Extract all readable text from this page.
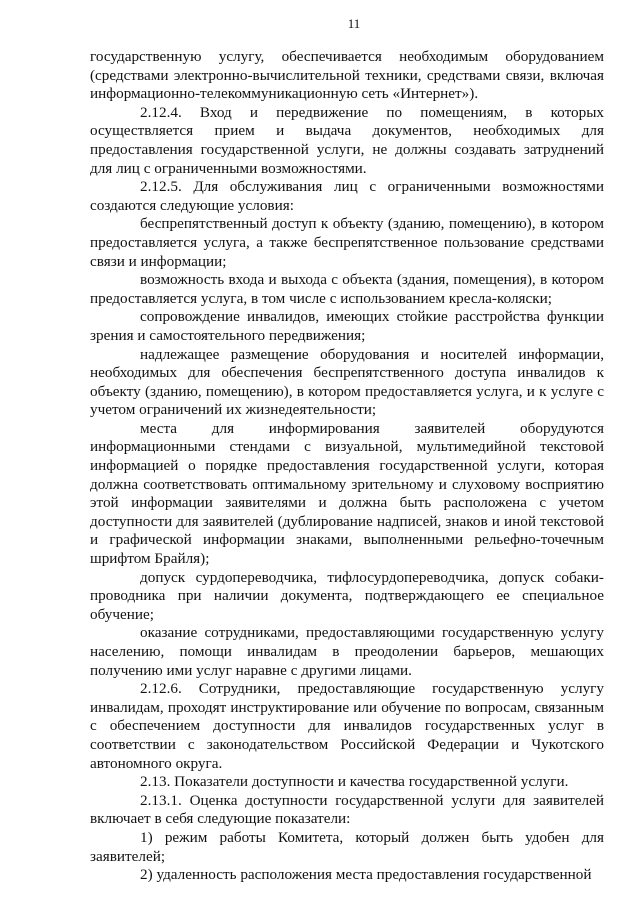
11

государственную услугу, обеспечивается необходимым оборудованием (средствами электронно-вычислительной техники, средствами связи, включая информационно-телекоммуникационную сеть «Интернет»).

2.12.4. Вход и передвижение по помещениям, в которых осуществляется прием и выдача документов, необходимых для предоставления государственной услуги, не должны создавать затруднений для лиц с ограниченными возможностями.

2.12.5. Для обслуживания лиц с ограниченными возможностями создаются следующие условия:

беспрепятственный доступ к объекту (зданию, помещению), в котором предоставляется услуга, а также беспрепятственное пользование средствами связи и информации;

возможность входа и выхода с объекта (здания, помещения), в котором предоставляется услуга, в том числе с использованием кресла-коляски;

сопровождение инвалидов, имеющих стойкие расстройства функции зрения и самостоятельного передвижения;

надлежащее размещение оборудования и носителей информации, необходимых для обеспечения беспрепятственного доступа инвалидов к объекту (зданию, помещению), в котором предоставляется услуга, и к услуге с учетом ограничений их жизнедеятельности;

места для информирования заявителей оборудуются информационными стендами с визуальной, мультимедийной текстовой информацией о порядке предоставления государственной услуги, которая должна соответствовать оптимальному зрительному и слуховому восприятию этой информации заявителями и должна быть расположена с учетом доступности для заявителей (дублирование надписей, знаков и иной текстовой и графической информации знаками, выполненными рельефно-точечным шрифтом Брайля);

допуск сурдопереводчика, тифлосурдопереводчика, допуск собаки-проводника при наличии документа, подтверждающего ее специальное обучение;

оказание сотрудниками, предоставляющими государственную услугу населению, помощи инвалидам в преодолении барьеров, мешающих получению ими услуг наравне с другими лицами.

2.12.6. Сотрудники, предоставляющие государственную услугу инвалидам, проходят инструктирование или обучение по вопросам, связанным с обеспечением доступности для инвалидов государственных услуг в соответствии с законодательством Российской Федерации и Чукотского автономного округа.

2.13. Показатели доступности и качества государственной услуги.

2.13.1. Оценка доступности государственной услуги для заявителей включает в себя следующие показатели:

1) режим работы Комитета, который должен быть удобен для заявителей;

2) удаленность расположения места предоставления государственной
